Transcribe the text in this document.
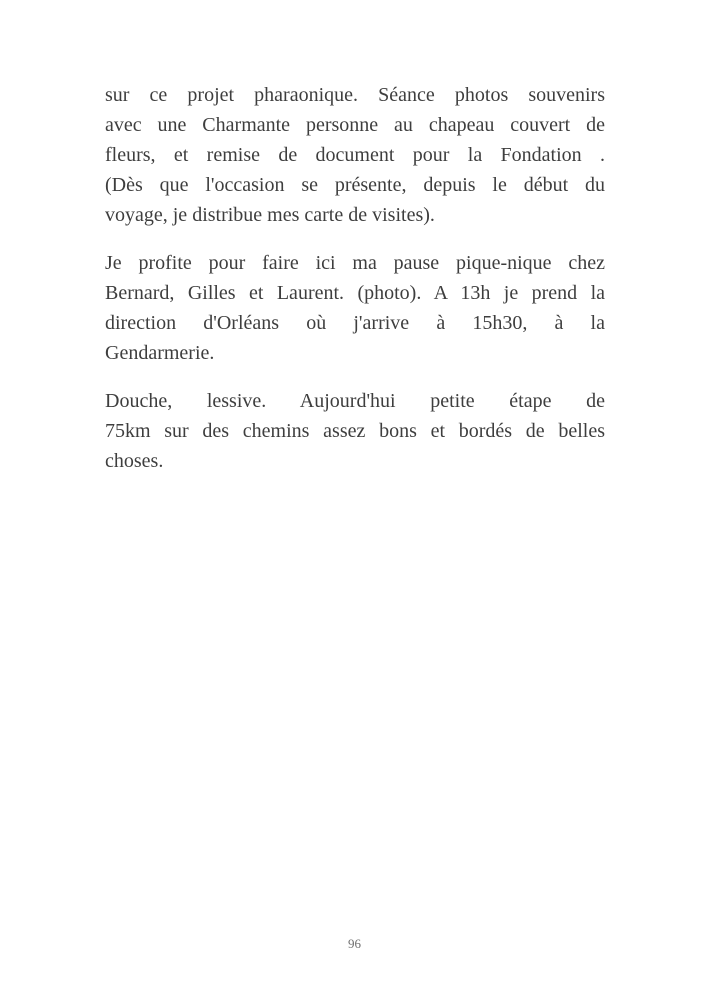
sur ce projet pharaonique. Séance photos souvenirs
avec une Charmante personne au chapeau couvert de
fleurs, et remise de document pour la Fondation .
(Dès que l'occasion se présente, depuis le début du
voyage, je distribue mes carte de visites).
Je profite pour faire ici ma pause pique-nique chez
Bernard, Gilles et Laurent. (photo). A 13h je prend la
direction d'Orléans où j'arrive à 15h30, à la
Gendarmerie.
Douche, lessive. Aujourd'hui petite étape de
75km sur des chemins assez bons et bordés de belles
choses.
96
